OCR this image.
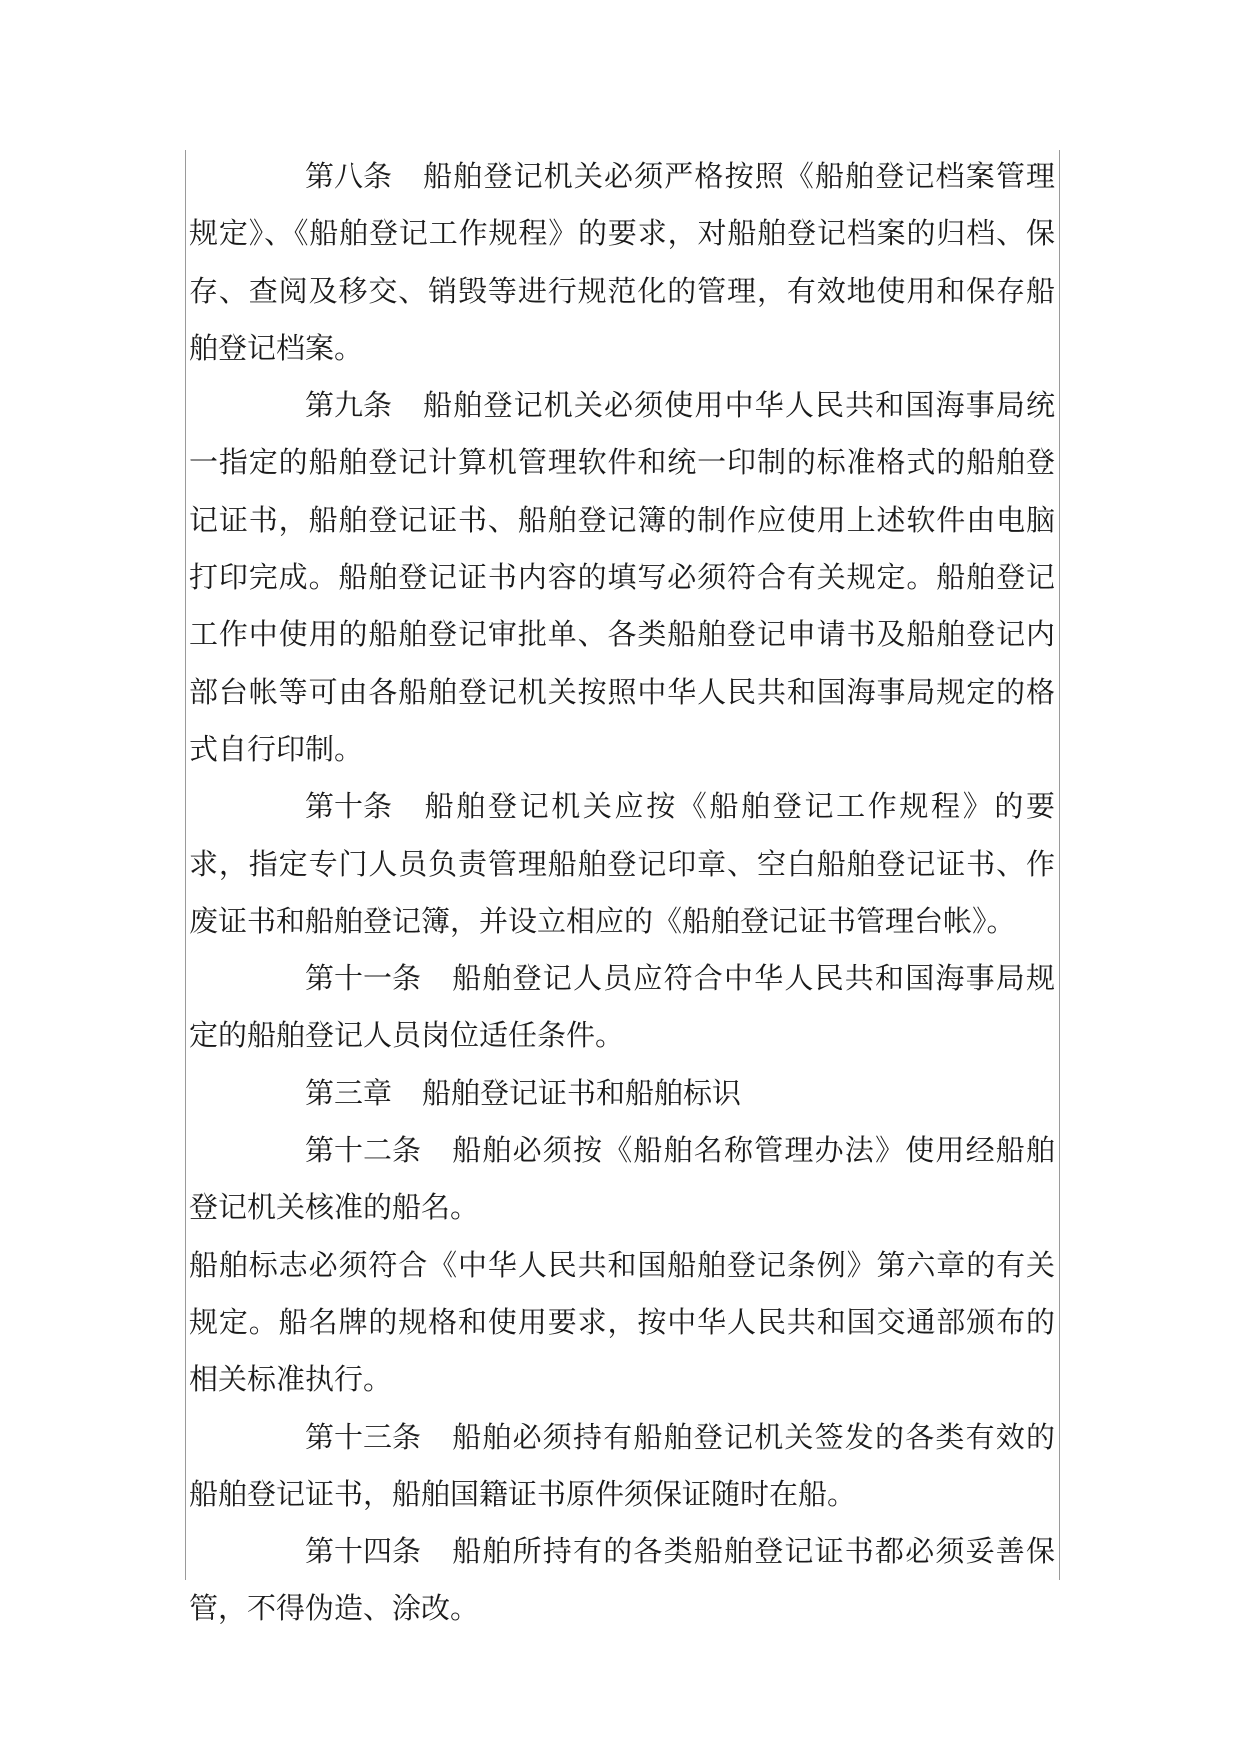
第八条 船舶登记机关必须严格按照《船舶登记档案管理规定》、《船舶登记工作规程》的要求，对船舶登记档案的归档、保存、查阅及移交、销毁等进行规范化的管理，有效地使用和保存船舶登记档案。

第九条 船舶登记机关必须使用中华人民共和国海事局统一指定的船舶登记计算机管理软件和统一印制的标准格式的船舶登记证书，船舶登记证书、船舶登记簿的制作应使用上述软件由电脑打印完成。船舶登记证书内容的填写必须符合有关规定。船舶登记工作中使用的船舶登记审批单、各类船舶登记申请书及船舶登记内部台帐等可由各船舶登记机关按照中华人民共和国海事局规定的格式自行印制。

第十条 船舶登记机关应按《船舶登记工作规程》的要求，指定专门人员负责管理船舶登记印章、空白船舶登记证书、作废证书和船舶登记簿，并设立相应的《船舶登记证书管理台帐》。

第十一条 船舶登记人员应符合中华人民共和国海事局规定的船舶登记人员岗位适任条件。

第三章 船舶登记证书和船舶标识

第十二条 船舶必须按《船舶名称管理办法》使用经船舶登记机关核准的船名。

船舶标志必须符合《中华人民共和国船舶登记条例》第六章的有关规定。船名牌的规格和使用要求，按中华人民共和国交通部颁布的相关标准执行。

第十三条 船舶必须持有船舶登记机关签发的各类有效的船舶登记证书，船舶国籍证书原件须保证随时在船。

第十四条 船舶所持有的各类船舶登记证书都必须妥善保管，不得伪造、涂改。
